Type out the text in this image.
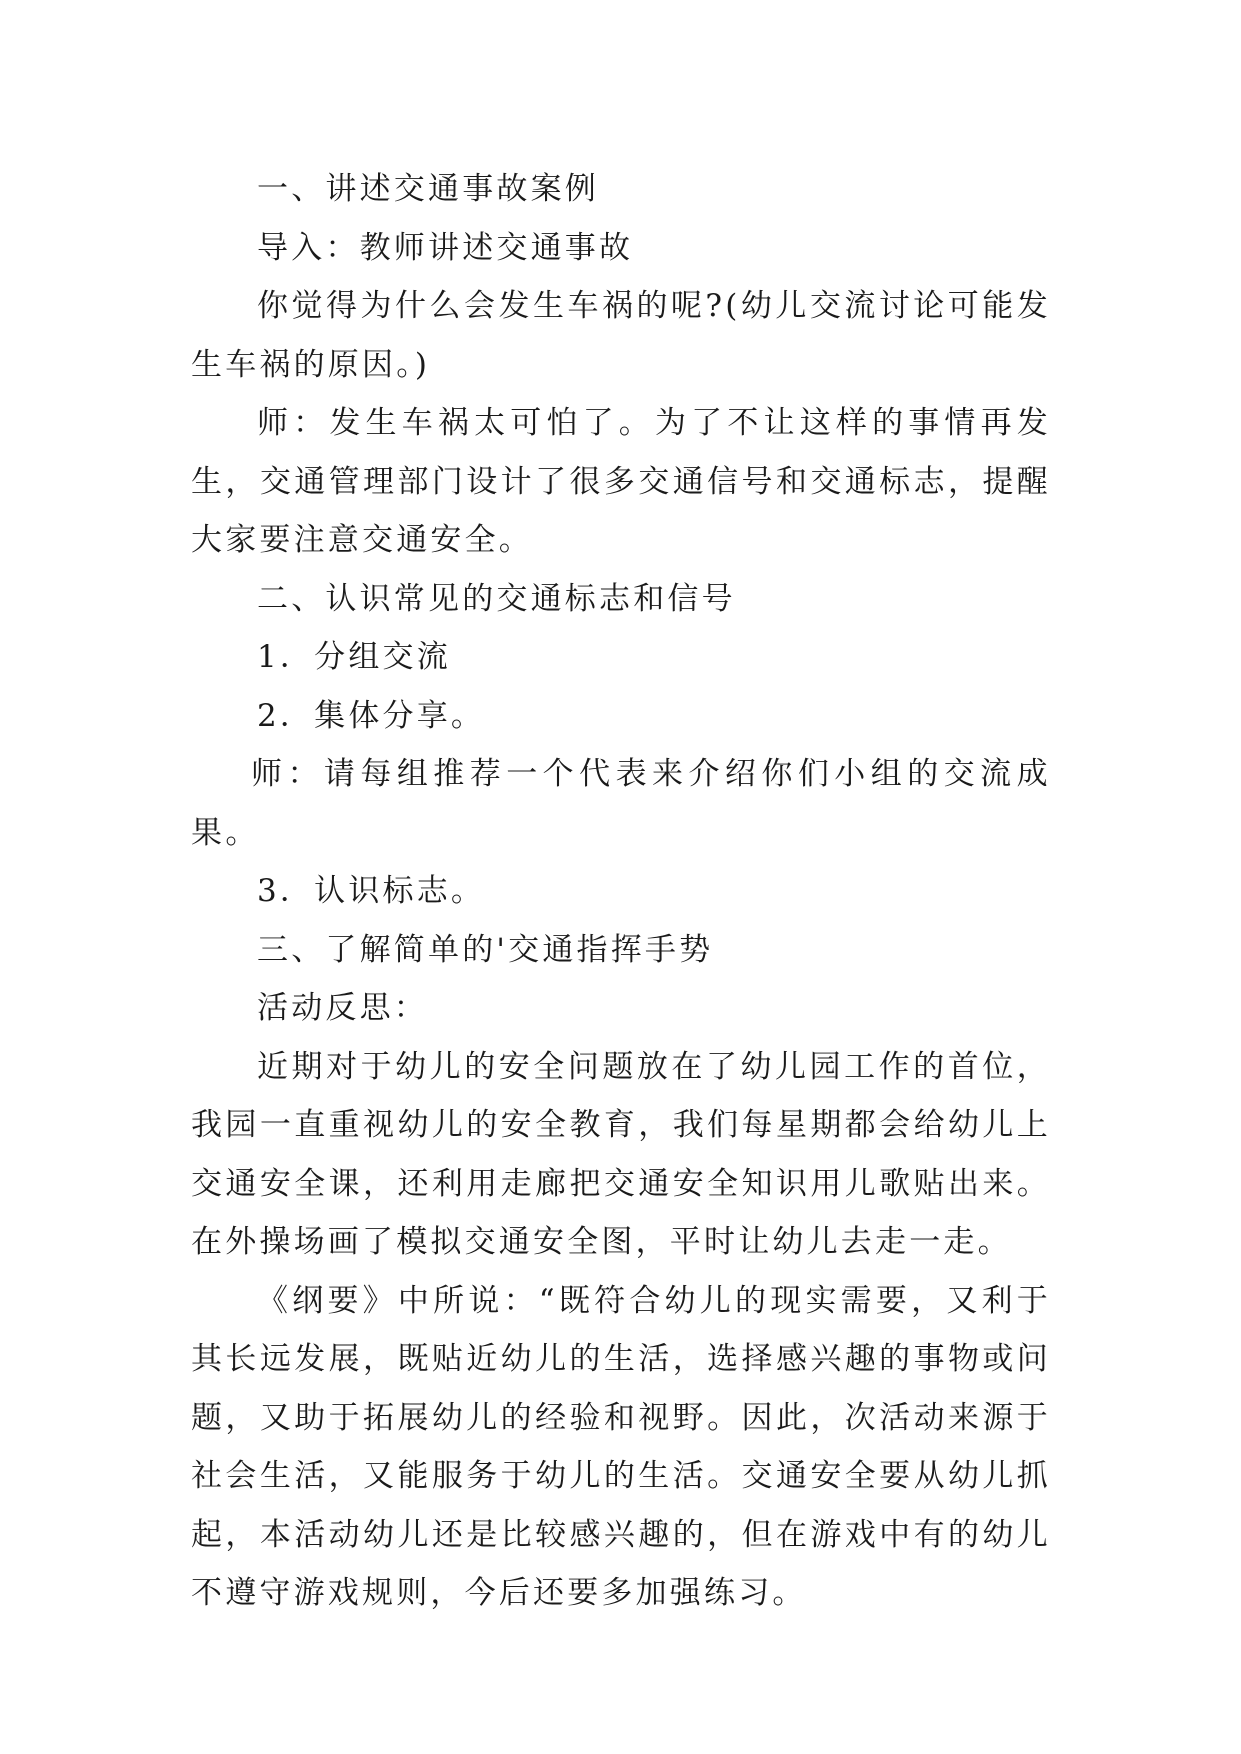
一、讲述交通事故案例

导入：教师讲述交通事故

你觉得为什么会发生车祸的呢?(幼儿交流讨论可能发生车祸的原因。)

师：发生车祸太可怕了。为了不让这样的事情再发生，交通管理部门设计了很多交通信号和交通标志，提醒大家要注意交通安全。

二、认识常见的交通标志和信号

1．分组交流

2．集体分享。

师：请每组推荐一个代表来介绍你们小组的交流成果。

3．认识标志。

三、了解简单的'交通指挥手势

活动反思：

近期对于幼儿的安全问题放在了幼儿园工作的首位，我园一直重视幼儿的安全教育，我们每星期都会给幼儿上交通安全课，还利用走廊把交通安全知识用儿歌贴出来。在外操场画了模拟交通安全图，平时让幼儿去走一走。

《纲要》中所说：“既符合幼儿的现实需要，又利于其长远发展，既贴近幼儿的生活，选择感兴趣的事物或问题，又助于拓展幼儿的经验和视野。因此，次活动来源于社会生活，又能服务于幼儿的生活。交通安全要从幼儿抓起，本活动幼儿还是比较感兴趣的，但在游戏中有的幼儿不遵守游戏规则，今后还要多加强练习。
